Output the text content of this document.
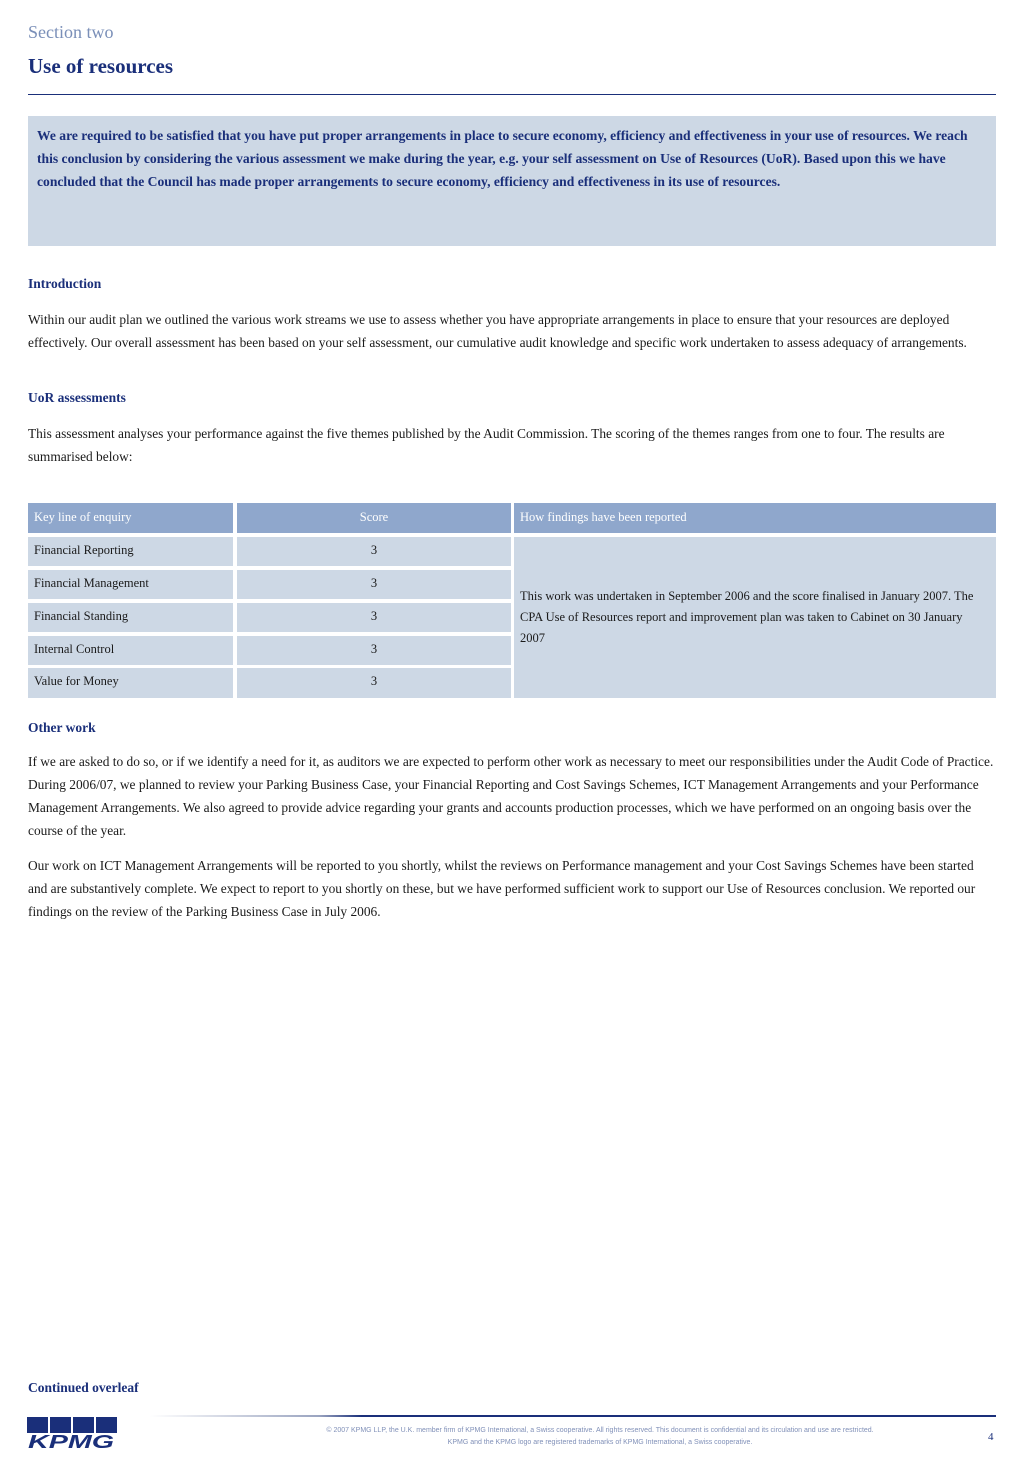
Section two
Use of resources
We are required to be satisfied that you have put proper arrangements in place to secure economy, efficiency and effectiveness in your use of resources. We reach this conclusion by considering the various assessment we make during the year, e.g. your self assessment on Use of Resources (UoR). Based upon this we have concluded that the Council has made proper arrangements to secure economy, efficiency and effectiveness in its use of resources.
Introduction

Within our audit plan we outlined the various work streams we use to assess whether you have appropriate arrangements in place to ensure that your resources are deployed effectively. Our overall assessment has been based on your self assessment, our cumulative audit knowledge and specific work undertaken to assess adequacy of arrangements.

UoR assessments

This assessment analyses your performance against the five themes published by the Audit Commission. The scoring of the themes ranges from one to four. The results are summarised below:

Key line of enquiry	Score	How findings have been reported
Financial Reporting	3
Financial Management	3
Financial Standing	3
Internal Control	3
Value for Money	3
This work was undertaken in September 2006 and the score finalised in January 2007. The CPA Use of Resources report and improvement plan was taken to Cabinet on 30 January 2007
Other work

If we are asked to do so, or if we identify a need for it, as auditors we are expected to perform other work as necessary to meet our responsibilities under the Audit Code of Practice. During 2006/07, we planned to review your Parking Business Case, your Financial Reporting and Cost Savings Schemes, ICT Management Arrangements and your Performance Management Arrangements. We also agreed to provide advice regarding your grants and accounts production processes, which we have performed on an ongoing basis over the course of the year.

Our work on ICT Management Arrangements will be reported to you shortly, whilst the reviews on Performance management and your Cost Savings Schemes have been started and are substantively complete. We expect to report to you shortly on these, but we have performed sufficient work to support our Use of Resources conclusion. We reported our findings on the review of the Parking Business Case in July 2006.

Continued overleaf
KPMG
© 2007 KPMG LLP, the U.K. member firm of KPMG International, a Swiss cooperative. All rights reserved. This document is confidential and its circulation and use are restricted.
KPMG and the KPMG logo are registered trademarks of KPMG International, a Swiss cooperative.	4
